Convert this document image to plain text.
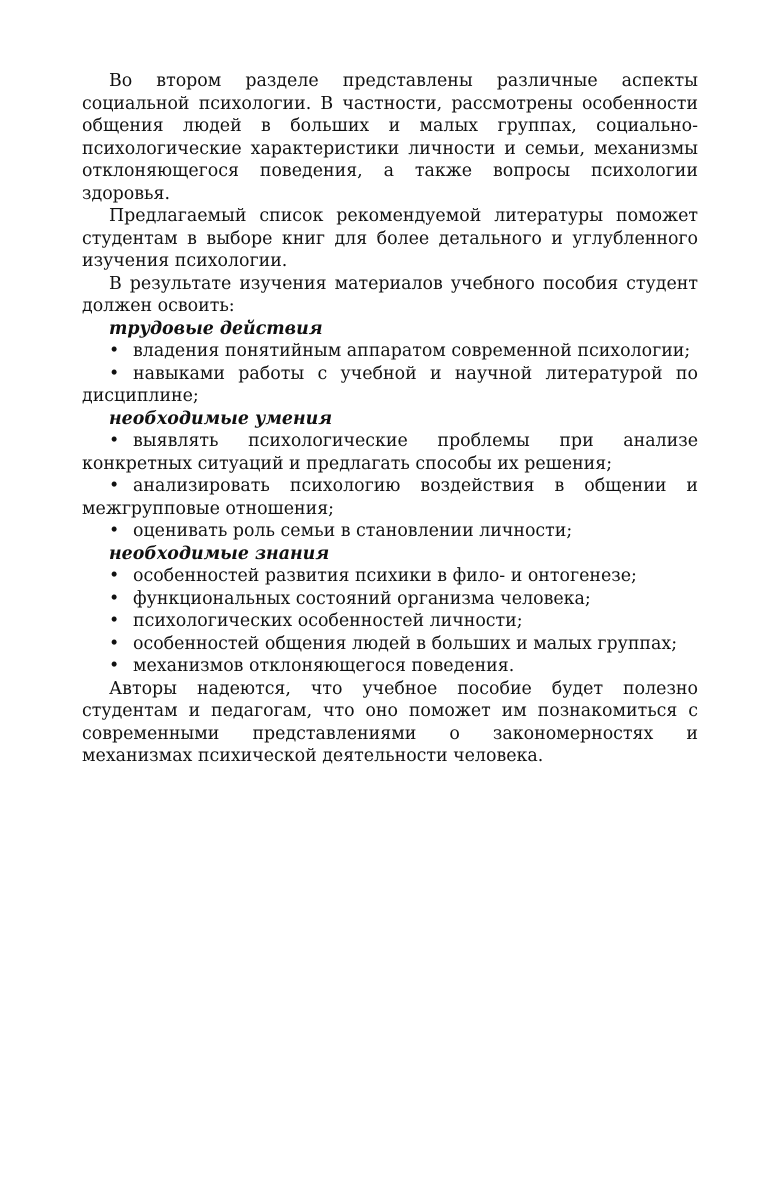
Во втором разделе представлены различные аспекты социальной психологии. В частности, рассмотрены особенности общения людей в больших и малых группах, социально-психологические характеристики личности и семьи, механизмы отклоняющегося поведения, а также вопросы психологии здоровья.

Предлагаемый список рекомендуемой литературы поможет студентам в выборе книг для более детального и углубленного изучения психологии.

В результате изучения материалов учебного пособия студент должен освоить:

трудовые действия

• владения понятийным аппаратом современной психологии;

• навыками работы с учебной и научной литературой по дисциплине;

необходимые умения

• выявлять психологические проблемы при анализе конкретных ситуаций и предлагать способы их решения;

• анализировать психологию воздействия в общении и межгрупповые отношения;

• оценивать роль семьи в становлении личности;

необходимые знания

• особенностей развития психики в фило- и онтогенезе;

• функциональных состояний организма человека;

• психологических особенностей личности;

• особенностей общения людей в больших и малых группах;

• механизмов отклоняющегося поведения.

Авторы надеются, что учебное пособие будет полезно студентам и педагогам, что оно поможет им познакомиться с современными представлениями о закономерностях и механизмах психической деятельности человека.
